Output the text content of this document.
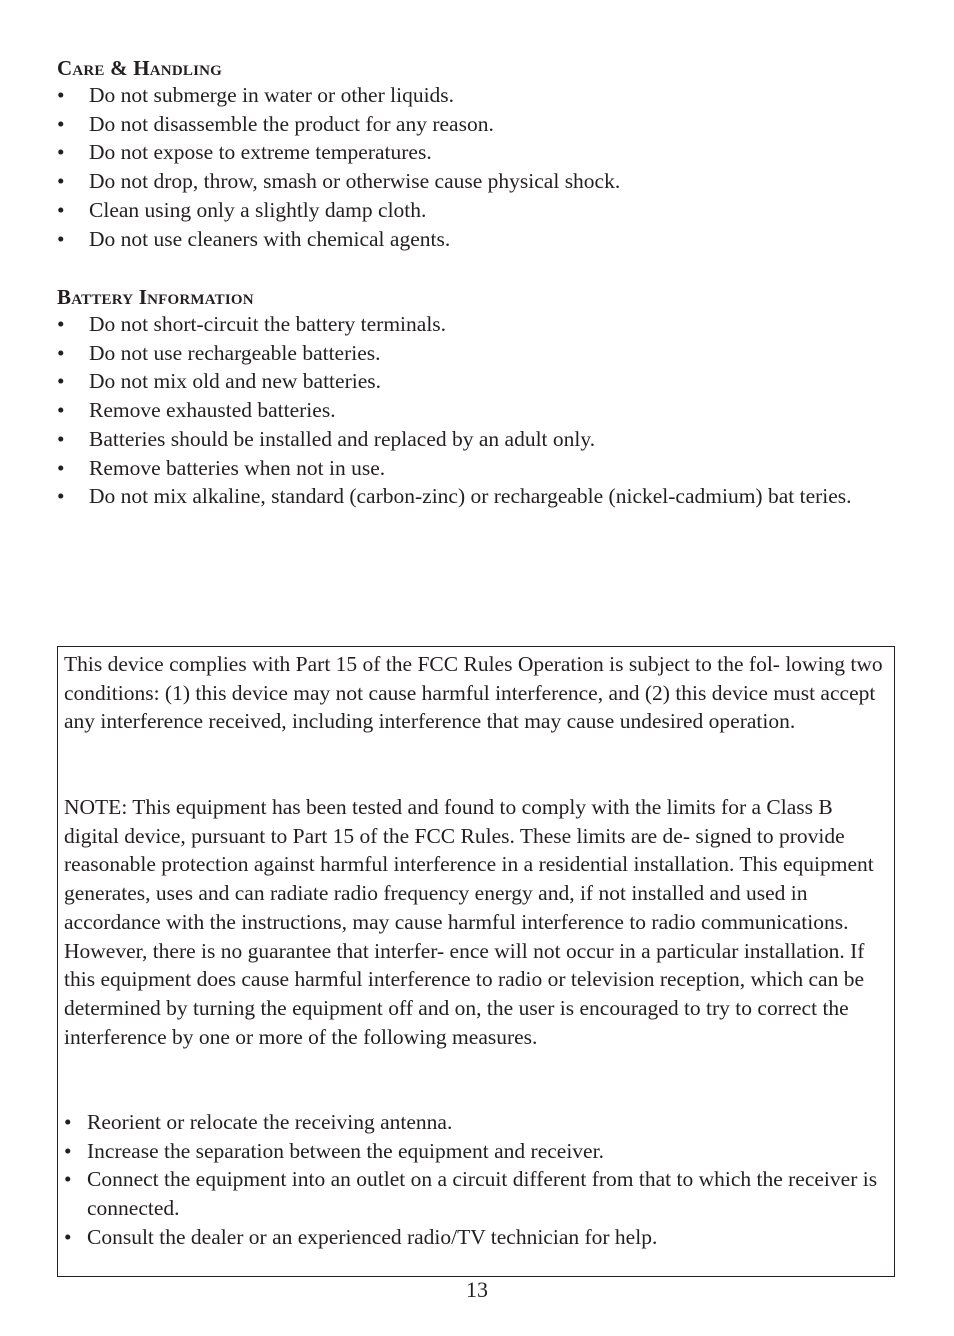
Care & Handling
• Do not submerge in water or other liquids.
• Do not disassemble the product for any reason.
• Do not expose to extreme temperatures.
• Do not drop, throw, smash or otherwise cause physical shock.
• Clean using only a slightly damp cloth.
• Do not use cleaners with chemical agents.
Battery Information
• Do not short-circuit the battery terminals.
• Do not use rechargeable batteries.
• Do not mix old and new batteries.
• Remove exhausted batteries.
• Batteries should be installed and replaced by an adult only.
• Remove batteries when not in use.
• Do not mix alkaline, standard (carbon-zinc) or rechargeable (nickel-cadmium) bat teries.

This device complies with Part 15 of the FCC Rules Operation is subject to the fol- lowing two conditions: (1) this device may not cause harmful interference, and (2) this device must accept any interference received, including interference that may cause undesired operation.

NOTE: This equipment has been tested and found to comply with the limits for a Class B digital device, pursuant to Part 15 of the FCC Rules. These limits are de- signed to provide reasonable protection against harmful interference in a residential installation. This equipment generates, uses and can radiate radio frequency energy and, if not installed and used in accordance with the instructions, may cause harmful interference to radio communications. However, there is no guarantee that interfer- ence will not occur in a particular installation. If this equipment does cause harmful interference to radio or television reception, which can be determined by turning the equipment off and on, the user is encouraged to try to correct the interference by one or more of the following measures.

• Reorient or relocate the receiving antenna.
• Increase the separation between the equipment and receiver.
• Connect the equipment into an outlet on a circuit different from that to which the receiver is connected.
• Consult the dealer or an experienced radio/TV technician for help.
13
